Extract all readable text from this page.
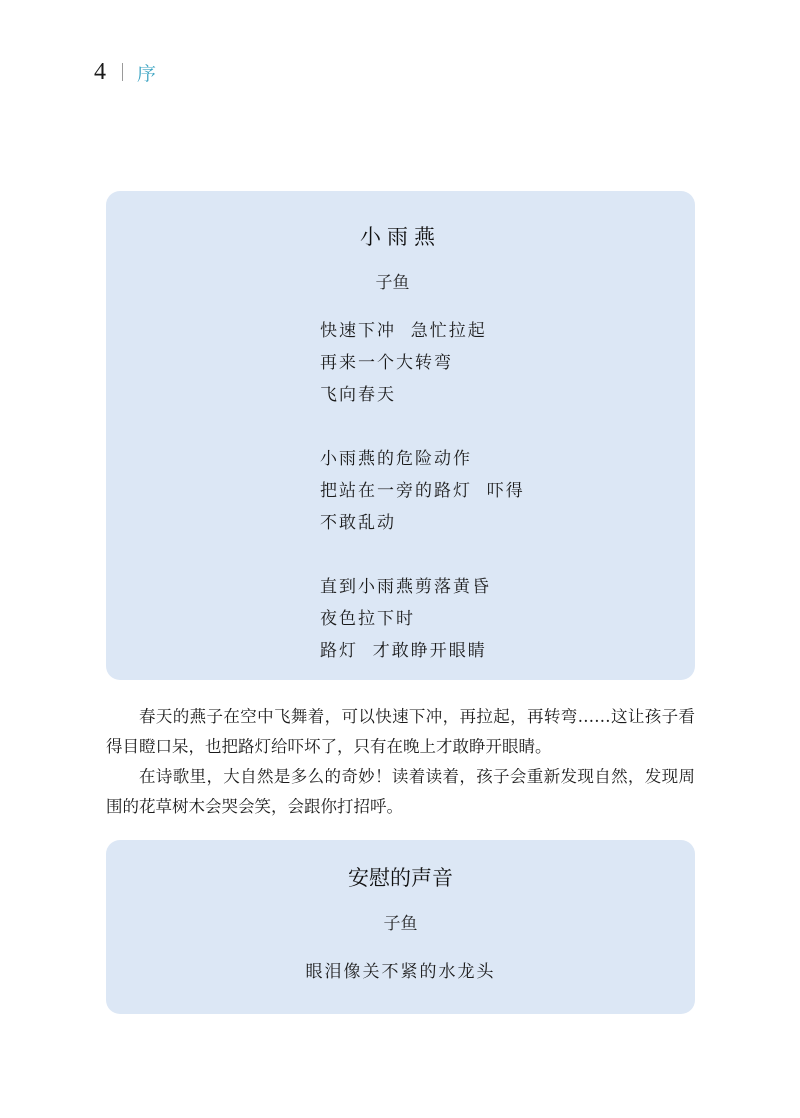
4 序
小雨燕
子鱼
快速下冲  急忙拉起
再来一个大转弯
飞向春天
小雨燕的危险动作
把站在一旁的路灯  吓得
不敢乱动
直到小雨燕剪落黄昏
夜色拉下时
路灯  才敢睁开眼睛

春天的燕子在空中飞舞着，可以快速下冲，再拉起，再转弯……这让孩子看得目瞪口呆，也把路灯给吓坏了，只有在晚上才敢睁开眼睛。

在诗歌里，大自然是多么的奇妙！读着读着，孩子会重新发现自然，发现周围的花草树木会哭会笑，会跟你打招呼。

安慰的声音
子鱼
眼泪像关不紧的水龙头
